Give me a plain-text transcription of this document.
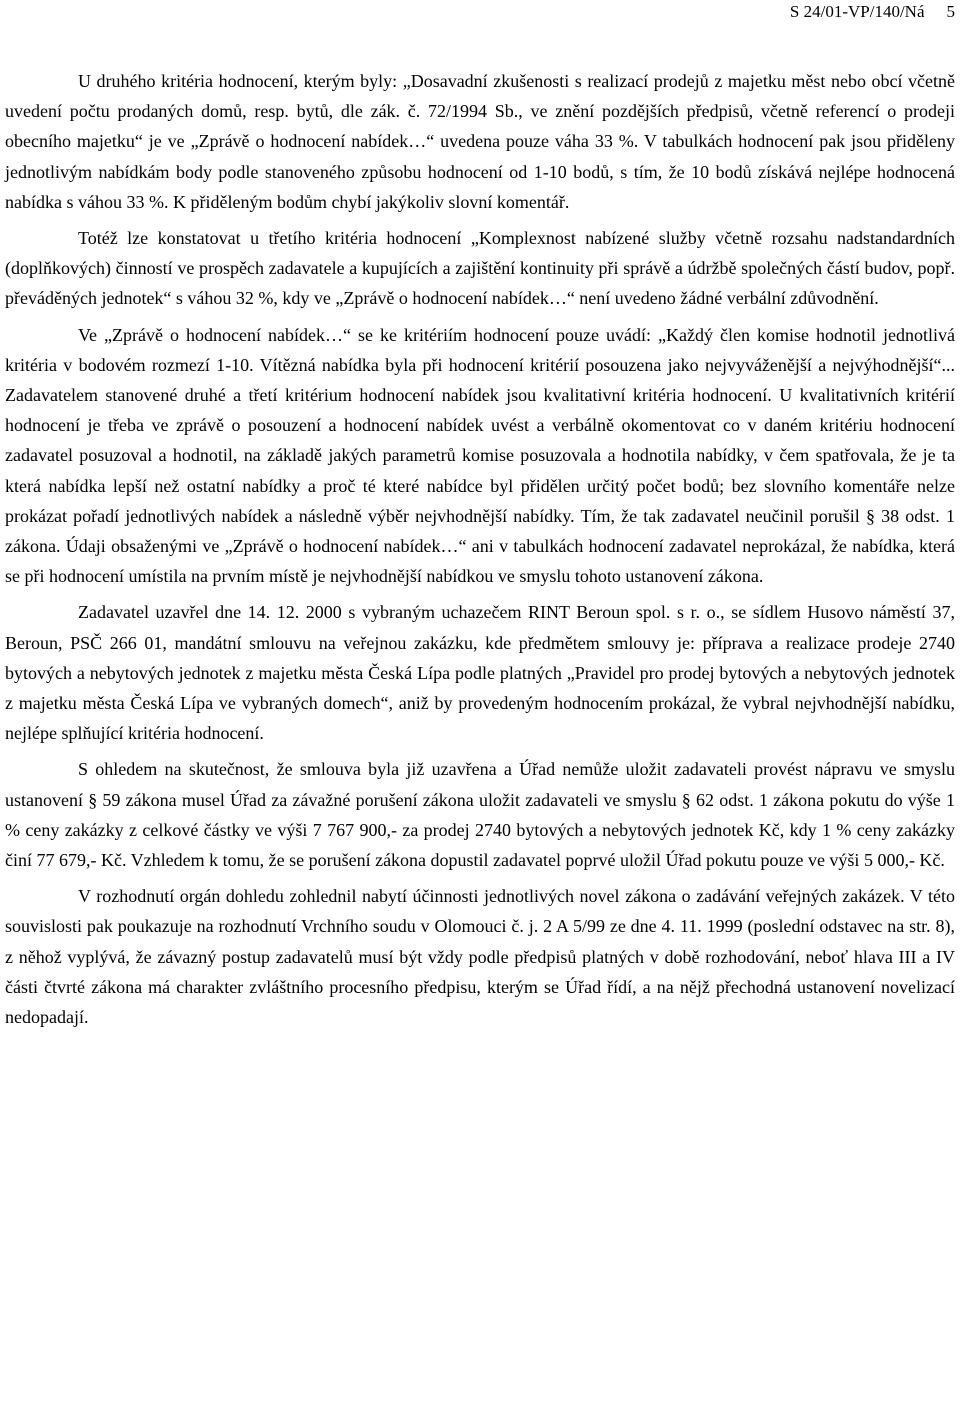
S 24/01-VP/140/Ná 5

U druhého kritéria hodnocení, kterým byly: „Dosavadní zkušenosti s realizací prodejů z majetku měst nebo obcí včetně uvedení počtu prodaných domů, resp. bytů, dle zák. č. 72/1994 Sb., ve znění pozdějších předpisů, včetně referencí o prodeji obecního majetku“ je ve „Zprávě o hodnocení nabídek…“ uvedena pouze váha 33 %. V tabulkách hodnocení pak jsou přiděleny jednotlivým nabídkám body podle stanoveného způsobu hodnocení od 1-10 bodů, s tím, že 10 bodů získává nejlépe hodnocená nabídka s váhou 33 %. K přiděleným bodům chybí jakýkoliv slovní komentář.

Totéž lze konstatovat u třetího kritéria hodnocení „Komplexnost nabízené služby včetně rozsahu nadstandardních (doplňkových) činností ve prospěch zadavatele a kupujících a zajištění kontinuity při správě a údržbě společných částí budov, popř. převáděných jednotek“ s váhou 32 %, kdy ve „Zprávě o hodnocení nabídek…“ není uvedeno žádné verbální zdůvodnění.

Ve „Zprávě o hodnocení nabídek…“ se ke kritériím hodnocení pouze uvádí: „Každý člen komise hodnotil jednotlivá kritéria v bodovém rozmezí 1-10. Vítězná nabídka byla při hodnocení kritérií posouzena jako nejvyváženější a nejvýhodnější“... Zadavatelem stanovené druhé a třetí kritérium hodnocení nabídek jsou kvalitativní kritéria hodnocení. U kvalitativních kritérií hodnocení je třeba ve zprávě o posouzení a hodnocení nabídek uvést a verbálně okomentovat co v daném kritériu hodnocení zadavatel posuzoval a hodnotil, na základě jakých parametrů komise posuzovala a hodnotila nabídky, v čem spatřovala, že je ta která nabídka lepší než ostatní nabídky a proč té které nabídce byl přidělen určitý počet bodů; bez slovního komentáře nelze prokázat pořadí jednotlivých nabídek a následně výběr nejvhodnější nabídky. Tím, že tak zadavatel neučinil porušil § 38 odst. 1 zákona. Údaji obsaženými ve „Zprávě o hodnocení nabídek…“ ani v tabulkách hodnocení zadavatel neprokázal, že nabídka, která se při hodnocení umístila na prvním místě je nejvhodnější nabídkou ve smyslu tohoto ustanovení zákona.

Zadavatel uzavřel dne 14. 12. 2000 s vybraným uchazečem RINT Beroun spol. s r. o., se sídlem Husovo náměstí 37, Beroun, PSČ 266 01, mandátní smlouvu na veřejnou zakázku, kde předmětem smlouvy je: příprava a realizace prodeje 2740 bytových a nebytových jednotek z majetku města Česká Lípa podle platných „Pravidel pro prodej bytových a nebytových jednotek z majetku města Česká Lípa ve vybraných domech“, aniž by provedeným hodnocením prokázal, že vybral nejvhodnější nabídku, nejlépe splňující kritéria hodnocení.

S ohledem na skutečnost, že smlouva byla již uzavřena a Úřad nemůže uložit zadavateli provést nápravu ve smyslu ustanovení § 59 zákona musel Úřad za závažné porušení zákona uložit zadavateli ve smyslu § 62 odst. 1 zákona pokutu do výše 1 % ceny zakázky z celkové částky ve výši 7 767 900,- za prodej 2740 bytových a nebytových jednotek Kč, kdy 1 % ceny zakázky činí 77 679,- Kč. Vzhledem k tomu, že se porušení zákona dopustil zadavatel poprvé uložil Úřad pokutu pouze ve výši 5 000,- Kč.

V rozhodnutí orgán dohledu zohlednil nabytí účinnosti jednotlivých novel zákona o zadávání veřejných zakázek. V této souvislosti pak poukazuje na rozhodnutí Vrchního soudu v Olomouci č. j. 2 A 5/99 ze dne 4. 11. 1999 (poslední odstavec na str. 8), z něhož vyplývá, že závazný postup zadavatelů musí být vždy podle předpisů platných v době rozhodování, neboť hlava III a IV části čtvrté zákona má charakter zvláštního procesního předpisu, kterým se Úřad řídí, a na nějž přechodná ustanovení novelizací nedopadají.
